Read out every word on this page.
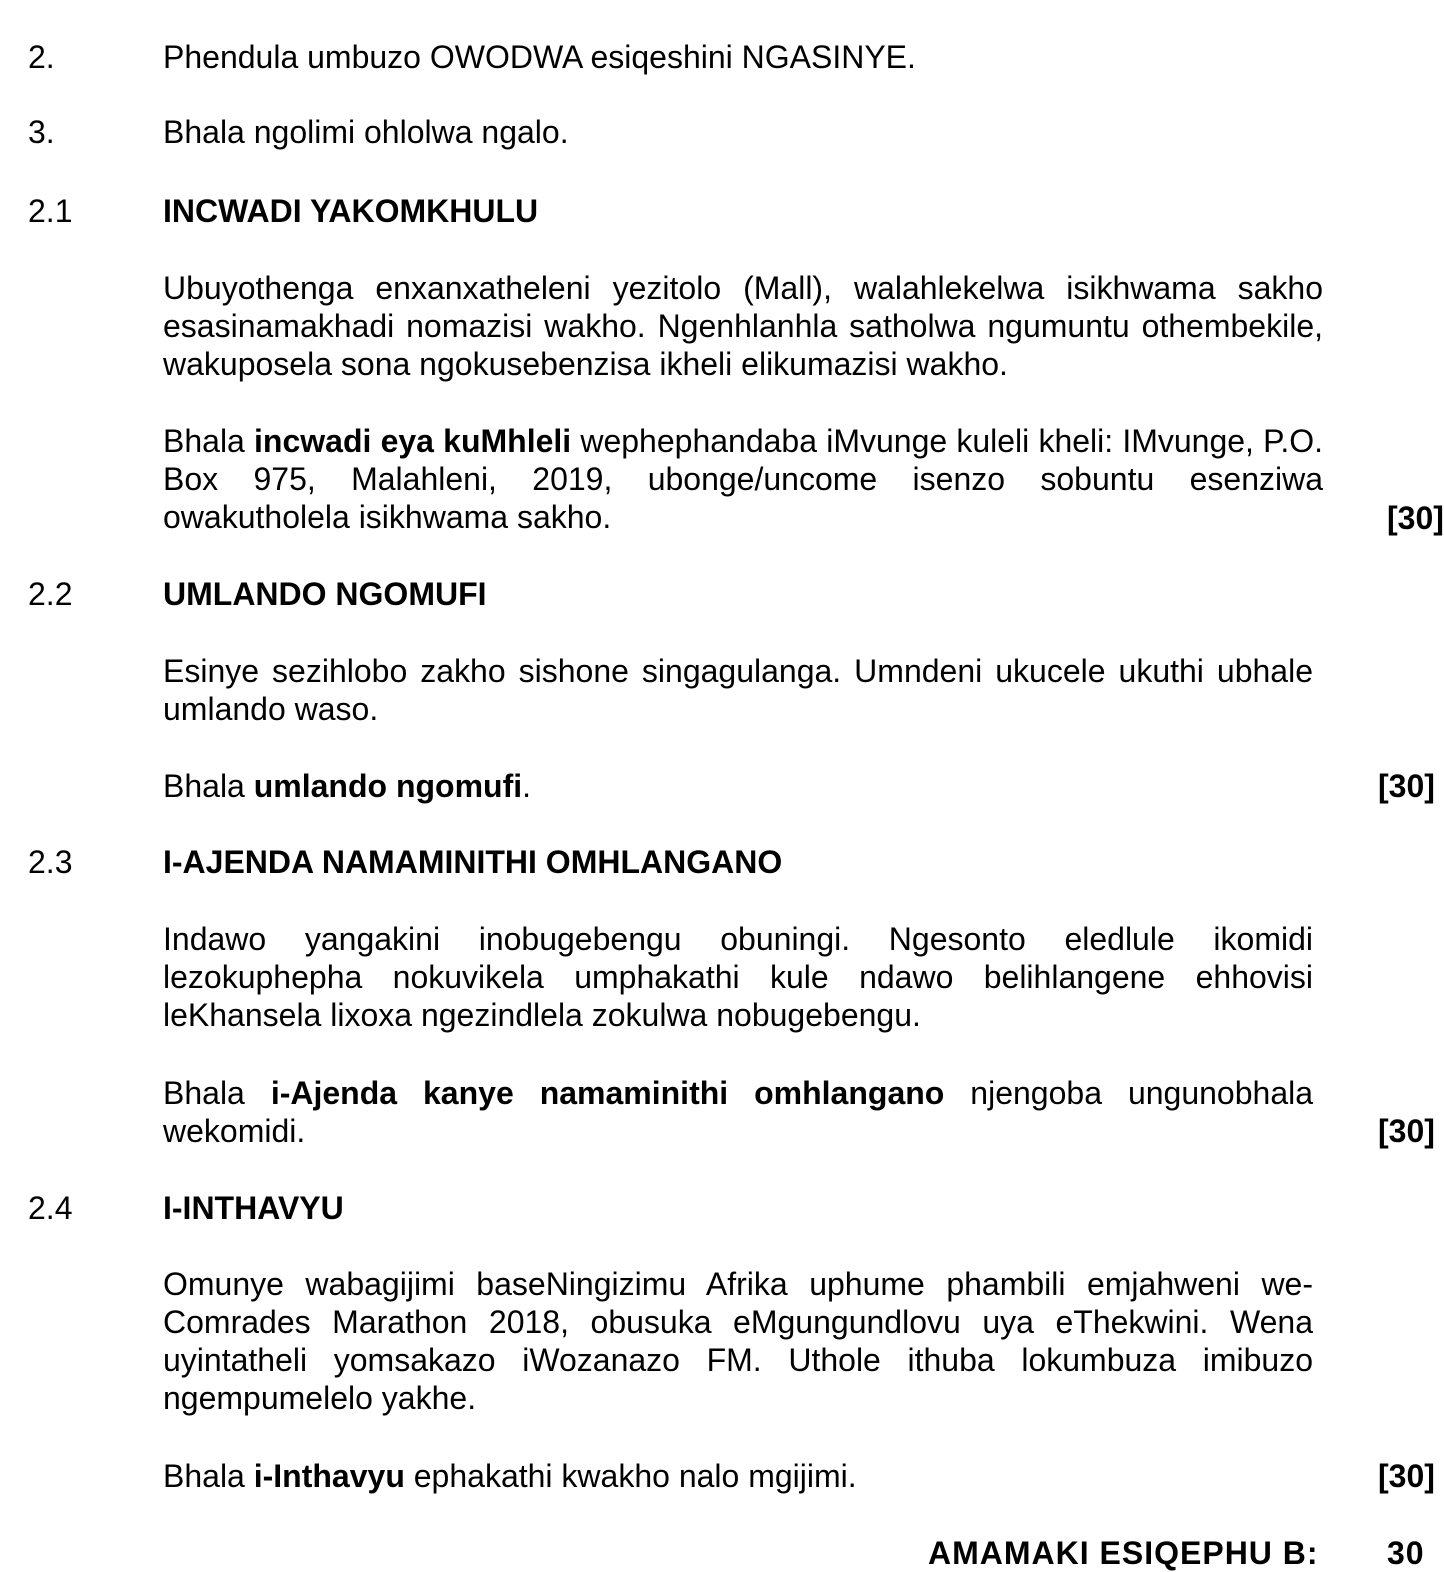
2.	Phendula umbuzo OWODWA esiqeshini NGASINYE.
3.	Bhala ngolimi ohlolwa ngalo.
2.1	INCWADI YAKOMKHULU
Ubuyothenga enxanxatheleni yezitolo (Mall), walahlekelwa isikhwama sakho esasinamakhadi nomazisi wakho. Ngenhlanhla satholwa ngumuntu othembekile, wakuposela sona ngokusebenzisa ikheli elikumazisi wakho.
Bhala incwadi eya kuMhleli wephephandaba iMvunge kuleli kheli: IMvunge, P.O. Box 975, Malahleni, 2019, ubonge/uncome isenzo sobuntu esenziwa owakutholela isikhwama sakho.	[30]
2.2	UMLANDO NGOMUFI
Esinye sezihlobo zakho sishone singagulanga. Umndeni ukucele ukuthi ubhale umlando waso.
Bhala umlando ngomufi.	[30]
2.3	I-AJENDA NAMAMINITHI OMHLANGANO
Indawo yangakini inobugebengu obuningi. Ngesonto eledlule ikomidi lezokuphepha nokuvikela umphakathi kule ndawo belihlangene ehhovisi leKhansela lixoxa ngezindlela zokulwa nobugebengu.
Bhala i-Ajenda kanye namaminithi omhlangano njengoba ungunobhala wekomidi.	[30]
2.4	I-INTHAVYU
Omunye wabagijimi baseNingizimu Afrika uphume phambili emjahweni we-Comrades Marathon 2018, obusuka eMgungundlovu uya eThekwini. Wena uyintatheli yomsakazo iWozanazo FM. Uthole ithuba lokumbuza imibuzo ngempumelelo yakhe.
Bhala i-Inthavyu ephakathi kwakho nalo mgijimi.	[30]
AMAMAKI ESIQEPHU B: 30
